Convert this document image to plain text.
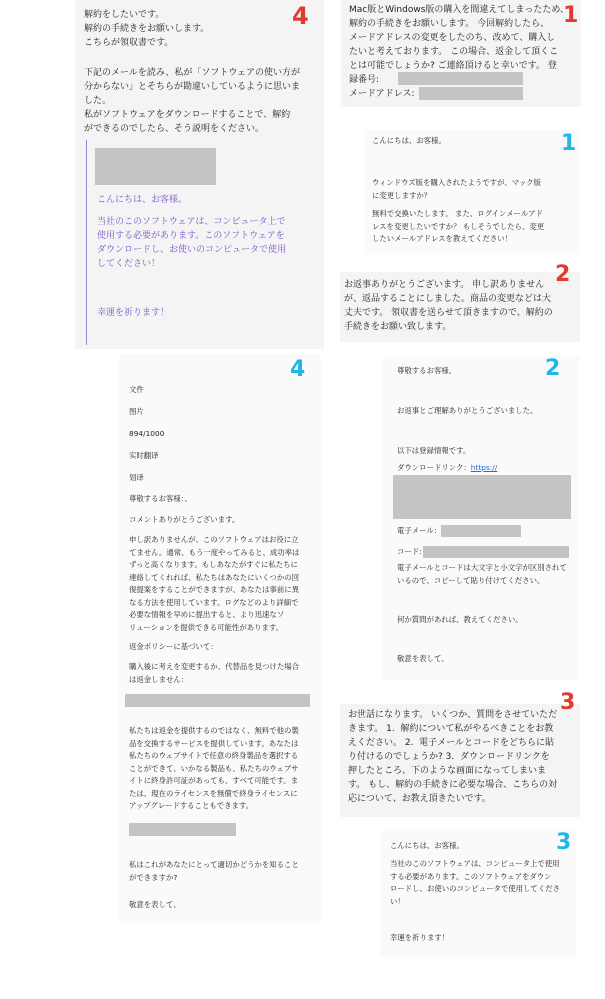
解約をしたいです。
解約の手続きをお願いします。
こちらが領収書です。
下記のメールを読み、私が「ソフトウェアの使い方が
分からない」とそちらが勘違いしているように思いま
した。
私がソフトウェアをダウンロードすることで、解約
ができるのでしたら、そう説明をください。
こんにちは、お客様。
当社のこのソフトウェアは、コンピュータ上で
使用する必要があります。このソフトウェアを
ダウンロードし、お使いのコンピュータで使用
してください！
幸運を祈ります！
4	Mac版とWindows版の購入を間違えてしまったため、
解約の手続きをお願いします。 今回解約したら、
メードアドレスの変更をしたのち、改めて、購入し
たいと考えております。 この場合、返金して頂くこ
とは可能でしょうか? ご連絡頂けると幸いです。 登
録番号:
メードアドレス:
1
こんにちは、お客様。
ウィンドウズ版を購入されたようですが、マック版
に変更しますか？
無料で交換いたします。 また、ログインメールアド
レスを変更したいですか？ もしそうでしたら、変更
したいメールアドレスを教えてください！
1
お返事ありがとうございます。 申し訳ありません
が、返品することにしました。商品の変更などは大
丈夫です。 領収書を送らせて頂きますので、解約の
手続きをお願い致します。
2
文件
图片
894/1000
实时翻译
划译
尊敬するお客様：、
コメントありがとうございます。
申し訳ありませんが、このソフトウェアはお役に立
てません。通常、もう一度やってみると、成功率は
ずっと高くなります。もしあなたがすぐに私たちに
連絡してくれれば、私たちはあなたにいくつかの回
復提案をすることができますが、あなたは事前に異
なる方法を使用しています。ログなどのより詳細で
必要な情報を早めに提出すると、より迅速なソ
リューションを提供できる可能性があります。
返金ポリシーに基づいて：
購入後に考えを変更するか、代替品を見つけた場合
は返金しません：
私たちは返金を提供するのではなく、無料で他の製
品を交換するサービスを提供しています。あなたは
私たちのウェブサイトで任意の終身製品を選択する
ことができて、いかなる製品も、私たちのウェブサ
イトに終身許可証があっても、すべて可能です。ま
たは、現在のライセンスを無償で終身ライセンスに
アップグレードすることもできます。
私はこれがあなたにとって適切かどうかを知ること
ができますか?
敬意を表して、
4	尊敬するお客様、
お返事とご理解ありがとうございました。
以下は登録情報です。
ダウンロードリンク：https://
電子メール：
コード:
電子メールとコードは大文字と小文字が区別されて
いるので、コピーして貼り付けてください。
何か質問があれば、教えてください。
敬意を表して、
2
お世話になります。 いくつか、質問をさせていただ
きます。 1.  解約について私がやるべきことをお教
えください。 2.  電子メールとコードをどちらに貼
り付けるのでしょうか? 3.  ダウンロードリンクを
押したところ、下のような画面になってしまいま
す。 もし、解約の手続きに必要な場合、こちらの対
応について、お教え頂きたいです。
3
こんにちは、お客様。
当社のこのソフトウェアは、コンピュータ上で使用
する必要があります。このソフトウェアをダウン
ロードし、お使いのコンピュータで使用してくださ
い！
幸運を祈ります！
3
